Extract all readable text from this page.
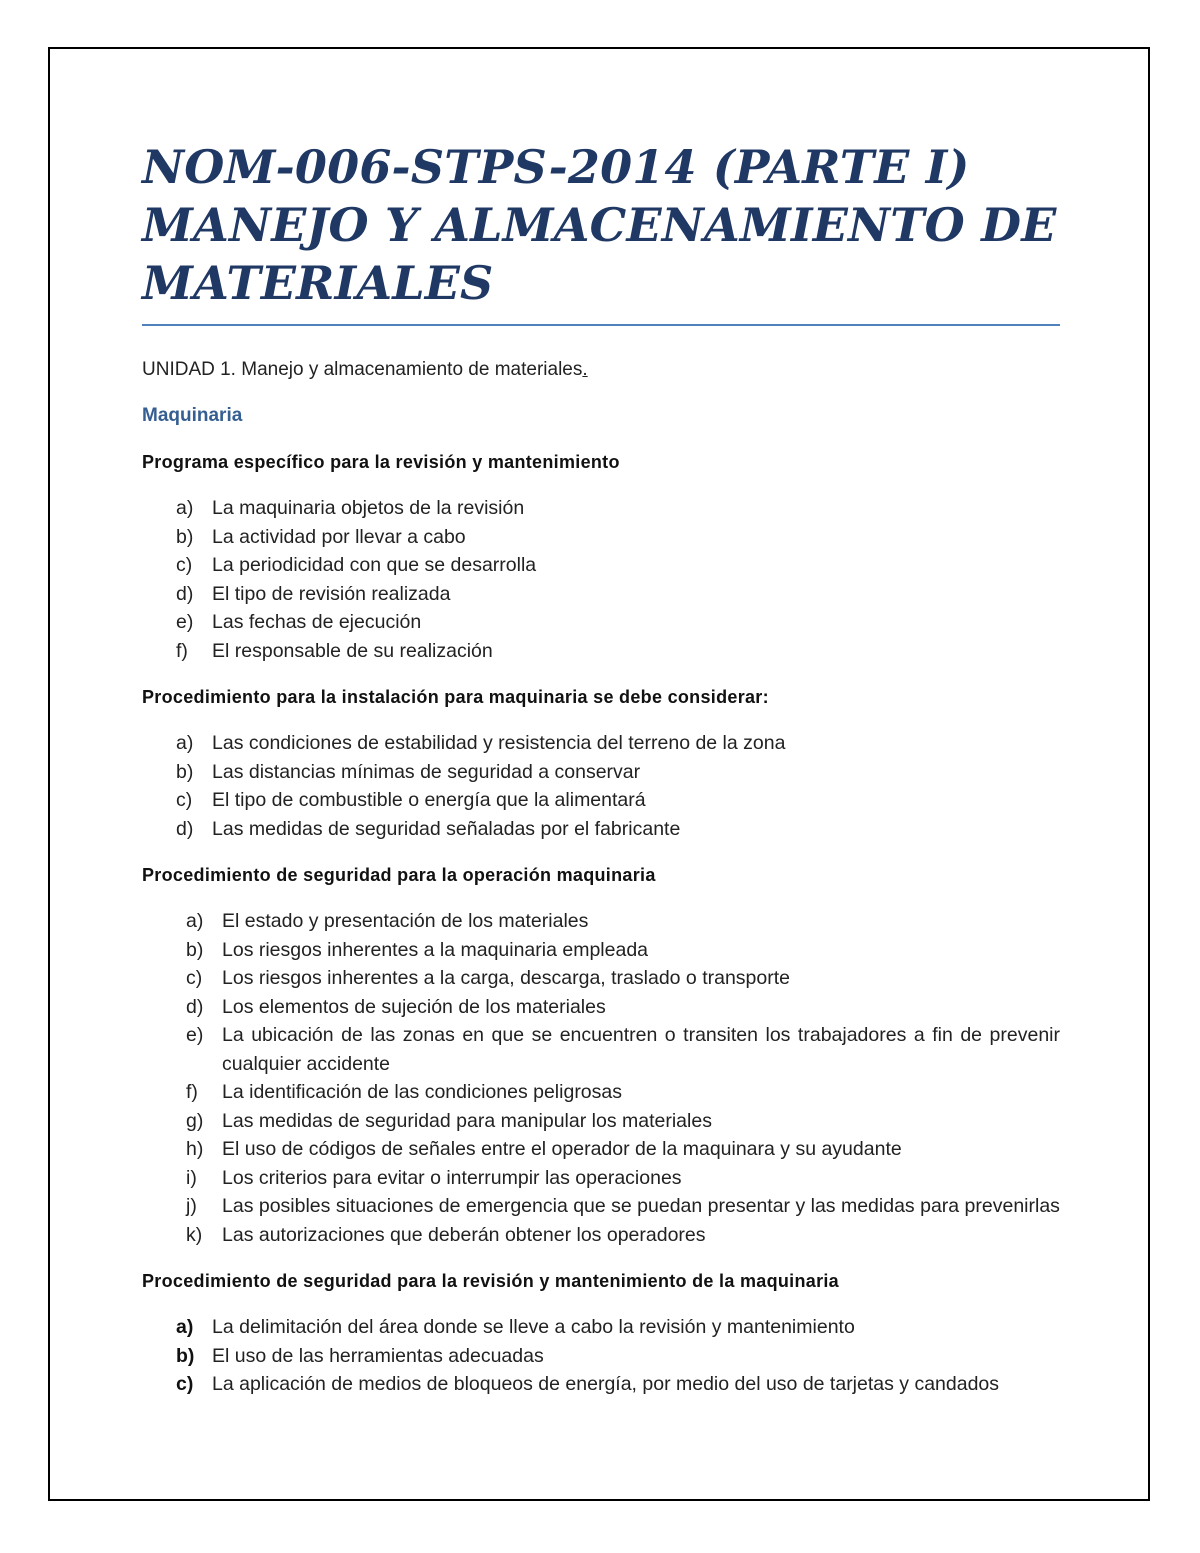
NOM-006-STPS-2014 (PARTE I) MANEJO Y ALMACENAMIENTO DE MATERIALES

UNIDAD 1. Manejo y almacenamiento de materiales.

Maquinaria
Programa específico para la revisión y mantenimiento
a) La maquinaria objetos de la revisión
b) La actividad por llevar a cabo
c) La periodicidad con que se desarrolla
d) El tipo de revisión realizada
e) Las fechas de ejecución
f) El responsable de su realización
Procedimiento para la instalación para maquinaria se debe considerar:
a) Las condiciones de estabilidad y resistencia del terreno de la zona
b) Las distancias mínimas de seguridad a conservar
c) El tipo de combustible o energía que la alimentará
d) Las medidas de seguridad señaladas por el fabricante
Procedimiento de seguridad para la operación maquinaria
a) El estado y presentación de los materiales
b) Los riesgos inherentes a la maquinaria empleada
c) Los riesgos inherentes a la carga, descarga, traslado o transporte
d) Los elementos de sujeción de los materiales
e) La ubicación de las zonas en que se encuentren o transiten los trabajadores a fin de prevenir cualquier accidente
f) La identificación de las condiciones peligrosas
g) Las medidas de seguridad para manipular los materiales
h) El uso de códigos de señales entre el operador de la maquinara y su ayudante
i) Los criterios para evitar o interrumpir las operaciones
j) Las posibles situaciones de emergencia que se puedan presentar y las medidas para prevenirlas
k) Las autorizaciones que deberán obtener los operadores
Procedimiento de seguridad para la revisión y mantenimiento de la maquinaria
a) La delimitación del área donde se lleve a cabo la revisión y mantenimiento
b) El uso de las herramientas adecuadas
c) La aplicación de medios de bloqueos de energía, por medio del uso de tarjetas y candados
